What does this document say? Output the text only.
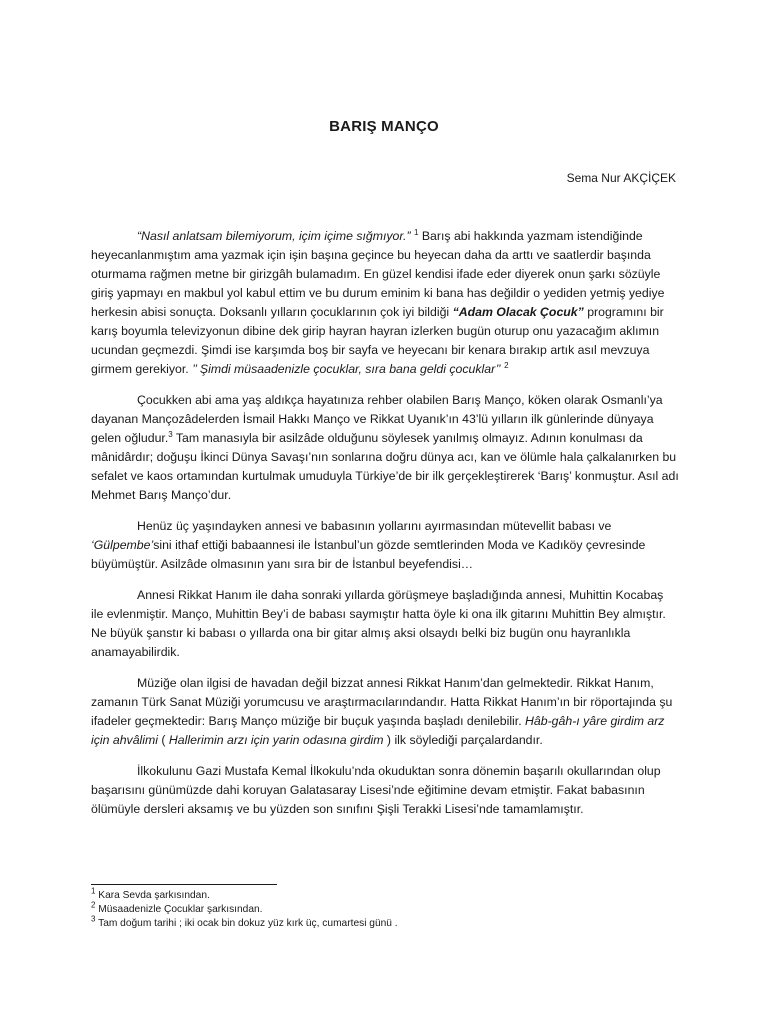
BARIŞ MANÇO
Sema Nur AKÇİÇEK

“Nasıl anlatsam bilemiyorum, içim içime sığmıyor.” $^1$ Barış abi hakkında yazmam istendiğinde heyecanlanmıştım ama yazmak için işin başına geçince bu heyecan daha da arttı ve saatlerdir başında oturmama rağmen metne bir girizgâh bulamadım. En güzel kendisi ifade eder diyerek onun şarkı sözüyle giriş yapmayı en makbul yol kabul ettim ve bu durum eminim ki bana has değildir o yediden yetmiş yediye herkesin abisi sonuçta. Doksanlı yılların çocuklarının çok iyi bildiği “Adam Olacak Çocuk” programını bir karış boyumla televizyonun dibine dek girip hayran hayran izlerken bugün oturup onu yazacağım aklımın ucundan geçmezdi. Şimdi ise karşımda boş bir sayfa ve heyecanı bir kenara bırakıp artık asıl mevzuya girmem gerekiyor. ’’ Şimdi müsaadenizle çocuklar, sıra bana geldi çocuklar’’ $^2$

Çocukken abi ama yaş aldıkça hayatınıza rehber olabilen Barış Manço, köken olarak Osmanlı’ya dayanan Mançozâdelerden İsmail Hakkı Manço ve Rikkat Uyanık’ın 43’lü yılların ilk günlerinde dünyaya gelen oğludur.$^3$ Tam manasıyla bir asilzâde olduğunu söylesek yanılmış olmayız. Adının konulması da mânidârdır; doğuşu İkinci Dünya Savaşı’nın sonlarına doğru dünya acı, kan ve ölümle hala çalkalanırken bu sefalet ve kaos ortamından kurtulmak umuduyla Türkiye’de bir ilk gerçekleştirerek ‘Barış’ konmuştur. Asıl adı Mehmet Barış Manço’dur.

Henüz üç yaşındayken annesi ve babasının yollarını ayırmasından mütevellit babası ve ‘Gülpembe’sini ithaf ettiği babaannesi ile İstanbul’un gözde semtlerinden Moda ve Kadıköy çevresinde büyümüştür. Asilzâde olmasının yanı sıra bir de İstanbul beyefendisi…

Annesi Rikkat Hanım ile daha sonraki yıllarda görüşmeye başladığında annesi, Muhittin Kocabaş ile evlenmiştir. Manço, Muhittin Bey’i de babası saymıştır hatta öyle ki ona ilk gitarını Muhittin Bey almıştır. Ne büyük şanstır ki babası o yıllarda ona bir gitar almış aksi olsaydı belki biz bugün onu hayranlıkla anamayabilirdik.

Müziğe olan ilgisi de havadan değil bizzat annesi Rikkat Hanım’dan gelmektedir. Rikkat Hanım, zamanın Türk Sanat Müziği yorumcusu ve araştırmacılarındandır. Hatta Rikkat Hanım’ın bir röportajında şu ifadeler geçmektedir: Barış Manço müziğe bir buçuk yaşında başladı denilebilir. Hâb-gâh-ı yâre girdim arz için ahvâlimi ( Hallerimin arzı için yarin odasına girdim ) ilk söylediği parçalardandır.

İlkokulunu Gazi Mustafa Kemal İlkokulu’nda okuduktan sonra dönemin başarılı okullarından olup başarısını günümüzde dahi koruyan Galatasaray Lisesi’nde eğitimine devam etmiştir. Fakat babasının ölümüyle dersleri aksamış ve bu yüzden son sınıfını Şişli Terakki Lisesi’nde tamamlamıştır.

$^1$ Kara Sevda şarkısından.

$^2$ Müsaadenizle Çocuklar şarkısından.

$^3$ Tam doğum tarihi ; iki ocak bin dokuz yüz kırk üç, cumartesi günü .
